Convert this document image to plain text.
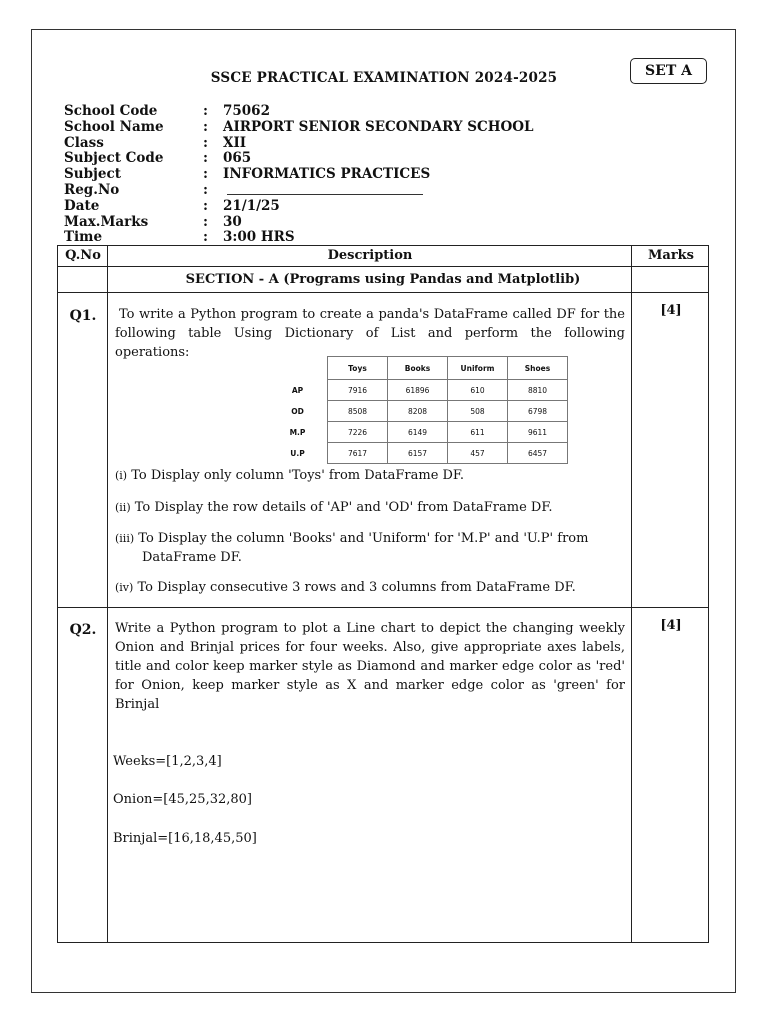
SET A
SSCE PRACTICAL EXAMINATION 2024-2025
School Code	: 75062
School Name	: AIRPORT SENIOR SECONDARY SCHOOL
Class	: XII
Subject Code	: 065
Subject	: INFORMATICS PRACTICES
Reg.No	:
Date	: 21/1/25
Max.Marks	: 30
Time	: 3:00 HRS
Q.No	Description	Marks
SECTION - A (Programs using Pandas and Matplotlib)
Q1.	[4]
To write a Python program to create a panda's DataFrame called DF for the following table Using Dictionary of List and perform the following operations:
	Toys	Books	Uniform	Shoes
AP	7916	61896	610	8810
OD	8508	8208	508	6798
M.P	7226	6149	611	9611
U.P	7617	6157	457	6457
(i) To Display only column 'Toys' from DataFrame DF.
(ii) To Display the row details of 'AP' and 'OD' from DataFrame DF.
(iii) To Display the column 'Books' and 'Uniform' for 'M.P' and 'U.P' from
DataFrame DF.
(iv) To Display consecutive 3 rows and 3 columns from DataFrame DF.
Q2.	[4]
Write a Python program to plot a Line chart to depict the changing weekly Onion and Brinjal prices for four weeks. Also, give appropriate axes labels, title and color keep marker style as Diamond and marker edge color as 'red' for Onion, keep marker style as X and marker edge color as 'green' for Brinjal
Weeks=[1,2,3,4]
Onion=[45,25,32,80]
Brinjal=[16,18,45,50]
